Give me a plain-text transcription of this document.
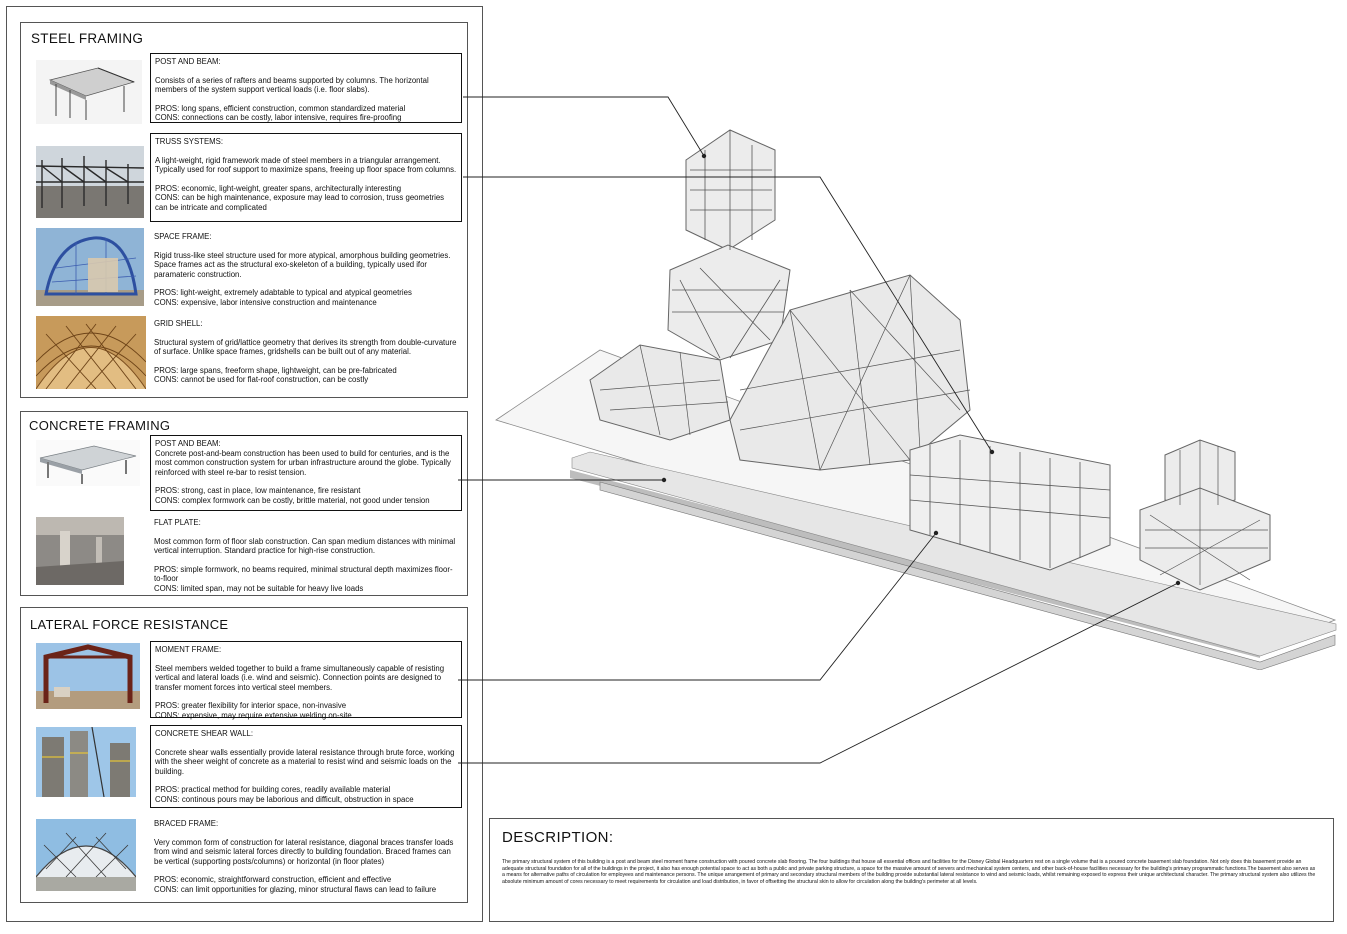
STEEL FRAMING

POST AND BEAM:

Consists of a series of rafters and beams supported by columns. The horizontal members of the system support vertical loads (i.e. floor slabs).

PROS: long spans, efficient construction, common standardized material

CONS: connections can be costly, labor intensive, requires fire-proofing

TRUSS SYSTEMS:

A light-weight, rigid framework made of steel members in a triangular arrangement. Typically used for roof support to maximize spans, freeing up floor space from columns.

PROS: economic, light-weight, greater spans, architecturally interesting

CONS: can be high maintenance, exposure may lead to corrosion, truss geometries can be intricate and complicated

SPACE FRAME:

Rigid truss-like steel structure used for more atypical, amorphous building geometries. Space frames act as the structural exo-skeleton of a building, typically used ifor paramateric construction.

PROS: light-weight, extremely adabtable to typical and atypical geometries

CONS: expensive, labor intensive construction and maintenance

GRID SHELL:

Structural system of grid/lattice geometry that derives its strength from double-curvature of surface. Unlike space frames, gridshells can be built out of any material.

PROS: large spans, freeform shape, lightweight, can be pre-fabricated

CONS: cannot be used for flat-roof construction, can be costly

CONCRETE FRAMING

POST AND BEAM:

Concrete post-and-beam construction has been used to build for centuries, and is the most common construction system for urban infrastructure around the globe. Typically reinforced with steel re-bar to resist tension.

PROS: strong, cast in place, low maintenance, fire resistant

CONS: complex formwork can be costly, brittle material, not good under tension

FLAT PLATE:

Most common form of floor slab construction. Can span medium distances with minimal vertical interruption. Standard practice for high-rise construction.

PROS: simple formwork, no beams required, minimal structural depth maximizes floor-to-floor

CONS: limited span, may not be suitable for heavy live loads

LATERAL FORCE RESISTANCE

MOMENT FRAME:

Steel members welded together to build a frame simultaneously capable of resisting vertical and lateral loads (i.e. wind and seismic). Connection points are designed to transfer moment forces into vertical steel members.

PROS: greater flexibility for interior space, non-invasive

CONS: expensive, may require extensive welding on-site

CONCRETE SHEAR WALL:

Concrete shear walls essentially provide lateral resistance through brute force, working with the sheer weight of concrete as a material to resist wind and seismic loads on the building.

PROS: practical method for building cores, readily available material

CONS: continous pours may be laborious and difficult, obstruction in space

BRACED FRAME:

Very common form of construction for lateral resistance, diagonal braces transfer loads from wind and seismic lateral forces directly to building foundation. Braced frames can be vertical (supporting posts/columns) or horizontal (in floor plates)

PROS: economic, straightforward construction, efficient and effective

CONS: can limit opportunities for glazing, minor structural flaws can lead to failure

DESCRIPTION:
The primary structural system of this building is a post and beam steel moment frame construction with poured concrete slab flooring. The four buildings that house all essential offices and facilities for the Disney Global Headquarters rest on a single volume that is a poured concrete basement slab foundation. Not only does this basement provide an adequate structural foundation for all of the buildings in the project, it also has enough potential space to act as both a public and private parking structure, a space for the massive amount of servers and mechanical system centers, and other back-of-house facilities necessary for the building's primary programmatic functions.The basement also serves as a means for alternative paths of circulation for employees and maintenance persons. The unique arrangement of primary and secondary structural members of the building provide substantial lateral resistance to wind and seismic loads, whilst remaining exposed to express their unique architectural character. The primary structural system also utilizes the absolute minimum amount of cores necessary to meet requirements for circulation and load distribution, in favor of offsetting the structural skin to allow for circulation along the building's perimeter at all levels.
